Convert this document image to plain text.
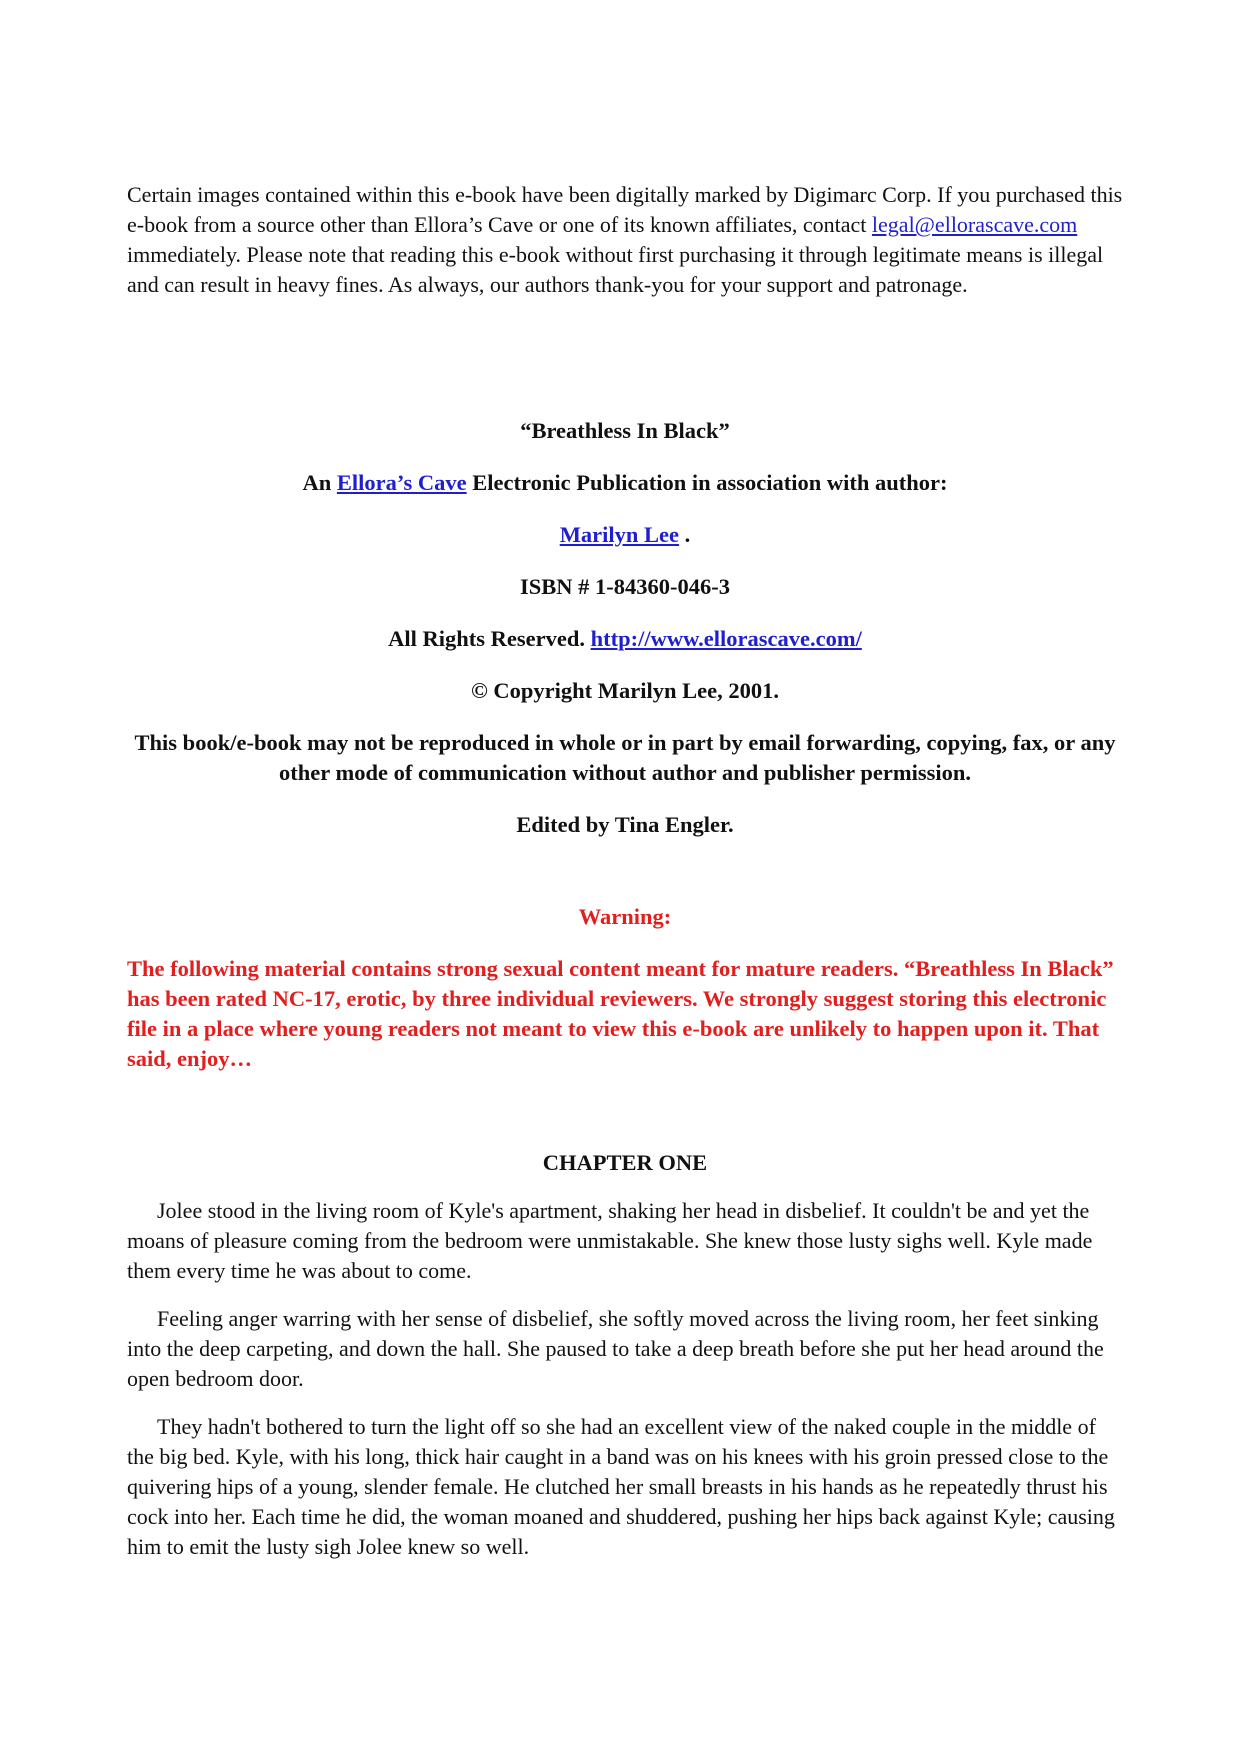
Certain images contained within this e-book have been digitally marked by Digimarc Corp. If you purchased this e-book from a source other than Ellora’s Cave or one of its known affiliates, contact legal@ellorascave.com immediately. Please note that reading this e-book without first purchasing it through legitimate means is illegal and can result in heavy fines. As always, our authors thank-you for your support and patronage.

“Breathless In Black”

An Ellora’s Cave Electronic Publication in association with author:

Marilyn Lee .

ISBN # 1-84360-046-3

All Rights Reserved. http://www.ellorascave.com/

© Copyright Marilyn Lee, 2001.

This book/e-book may not be reproduced in whole or in part by email forwarding, copying, fax, or any other mode of communication without author and publisher permission.

Edited by Tina Engler.

Warning:

The following material contains strong sexual content meant for mature readers. “Breathless In Black” has been rated NC-17, erotic, by three individual reviewers. We strongly suggest storing this electronic file in a place where young readers not meant to view this e-book are unlikely to happen upon it. That said, enjoy…

CHAPTER ONE

Jolee stood in the living room of Kyle's apartment, shaking her head in disbelief. It couldn't be and yet the moans of pleasure coming from the bedroom were unmistakable. She knew those lusty sighs well. Kyle made them every time he was about to come.

Feeling anger warring with her sense of disbelief, she softly moved across the living room, her feet sinking into the deep carpeting, and down the hall. She paused to take a deep breath before she put her head around the open bedroom door.

They hadn't bothered to turn the light off so she had an excellent view of the naked couple in the middle of the big bed. Kyle, with his long, thick hair caught in a band was on his knees with his groin pressed close to the quivering hips of a young, slender female. He clutched her small breasts in his hands as he repeatedly thrust his cock into her. Each time he did, the woman moaned and shuddered, pushing her hips back against Kyle; causing him to emit the lusty sigh Jolee knew so well.
